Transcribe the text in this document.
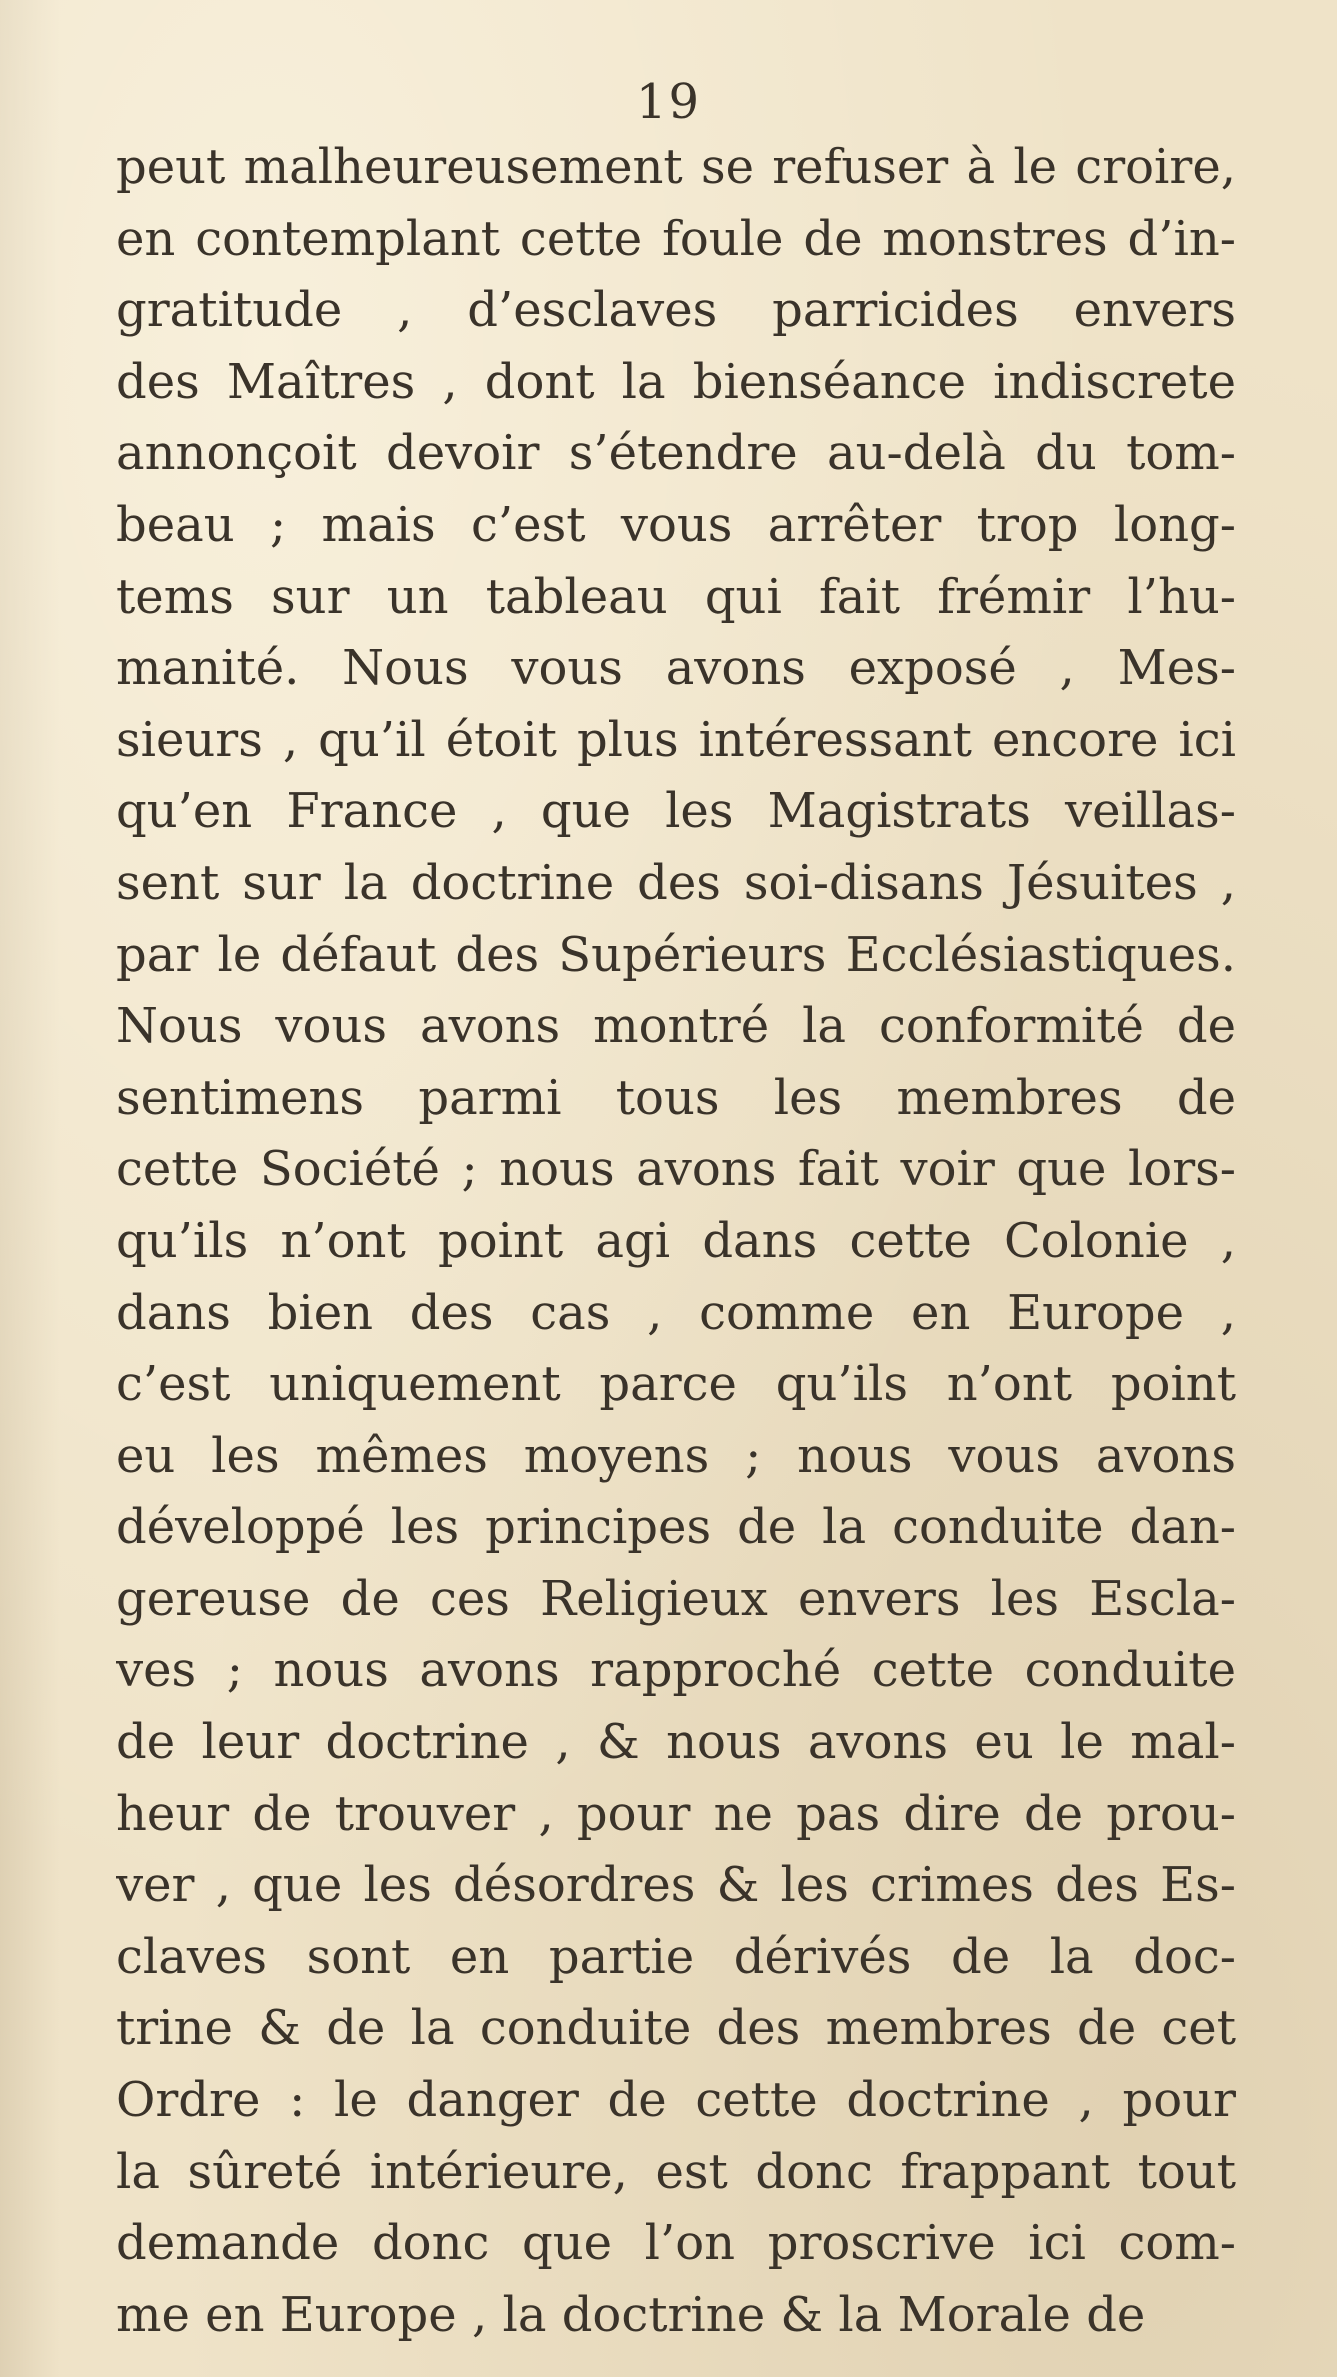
19
peut malheureusement se refuser à le croire,
en contemplant cette foule de monstres d’in-
gratitude , d’esclaves parricides envers
des Maîtres , dont la bienséance indiscrete
annonçoit devoir s’étendre au-delà du tom-
beau ; mais c’est vous arrêter trop long-
tems sur un tableau qui fait frémir l’hu-
manité. Nous vous avons exposé , Mes-
sieurs , qu’il étoit plus intéressant encore ici
qu’en France , que les Magistrats veillas-
sent sur la doctrine des soi-disans Jésuites ,
par le défaut des Supérieurs Ecclésiastiques.
Nous vous avons montré la conformité de
sentimens parmi tous les membres de
cette Société ; nous avons fait voir que lors-
qu’ils n’ont point agi dans cette Colonie ,
dans bien des cas , comme en Europe ,
c’est uniquement parce qu’ils n’ont point
eu les mêmes moyens ; nous vous avons
développé les principes de la conduite dan-
gereuse de ces Religieux envers les Escla-
ves ; nous avons rapproché cette conduite
de leur doctrine , & nous avons eu le mal-
heur de trouver , pour ne pas dire de prou-
ver , que les désordres & les crimes des Es-
claves sont en partie dérivés de la doc-
trine & de la conduite des membres de cet
Ordre : le danger de cette doctrine , pour
la sûreté intérieure, est donc frappant tout
demande donc que l’on proscrive ici com-
me en Europe , la doctrine & la Morale de
